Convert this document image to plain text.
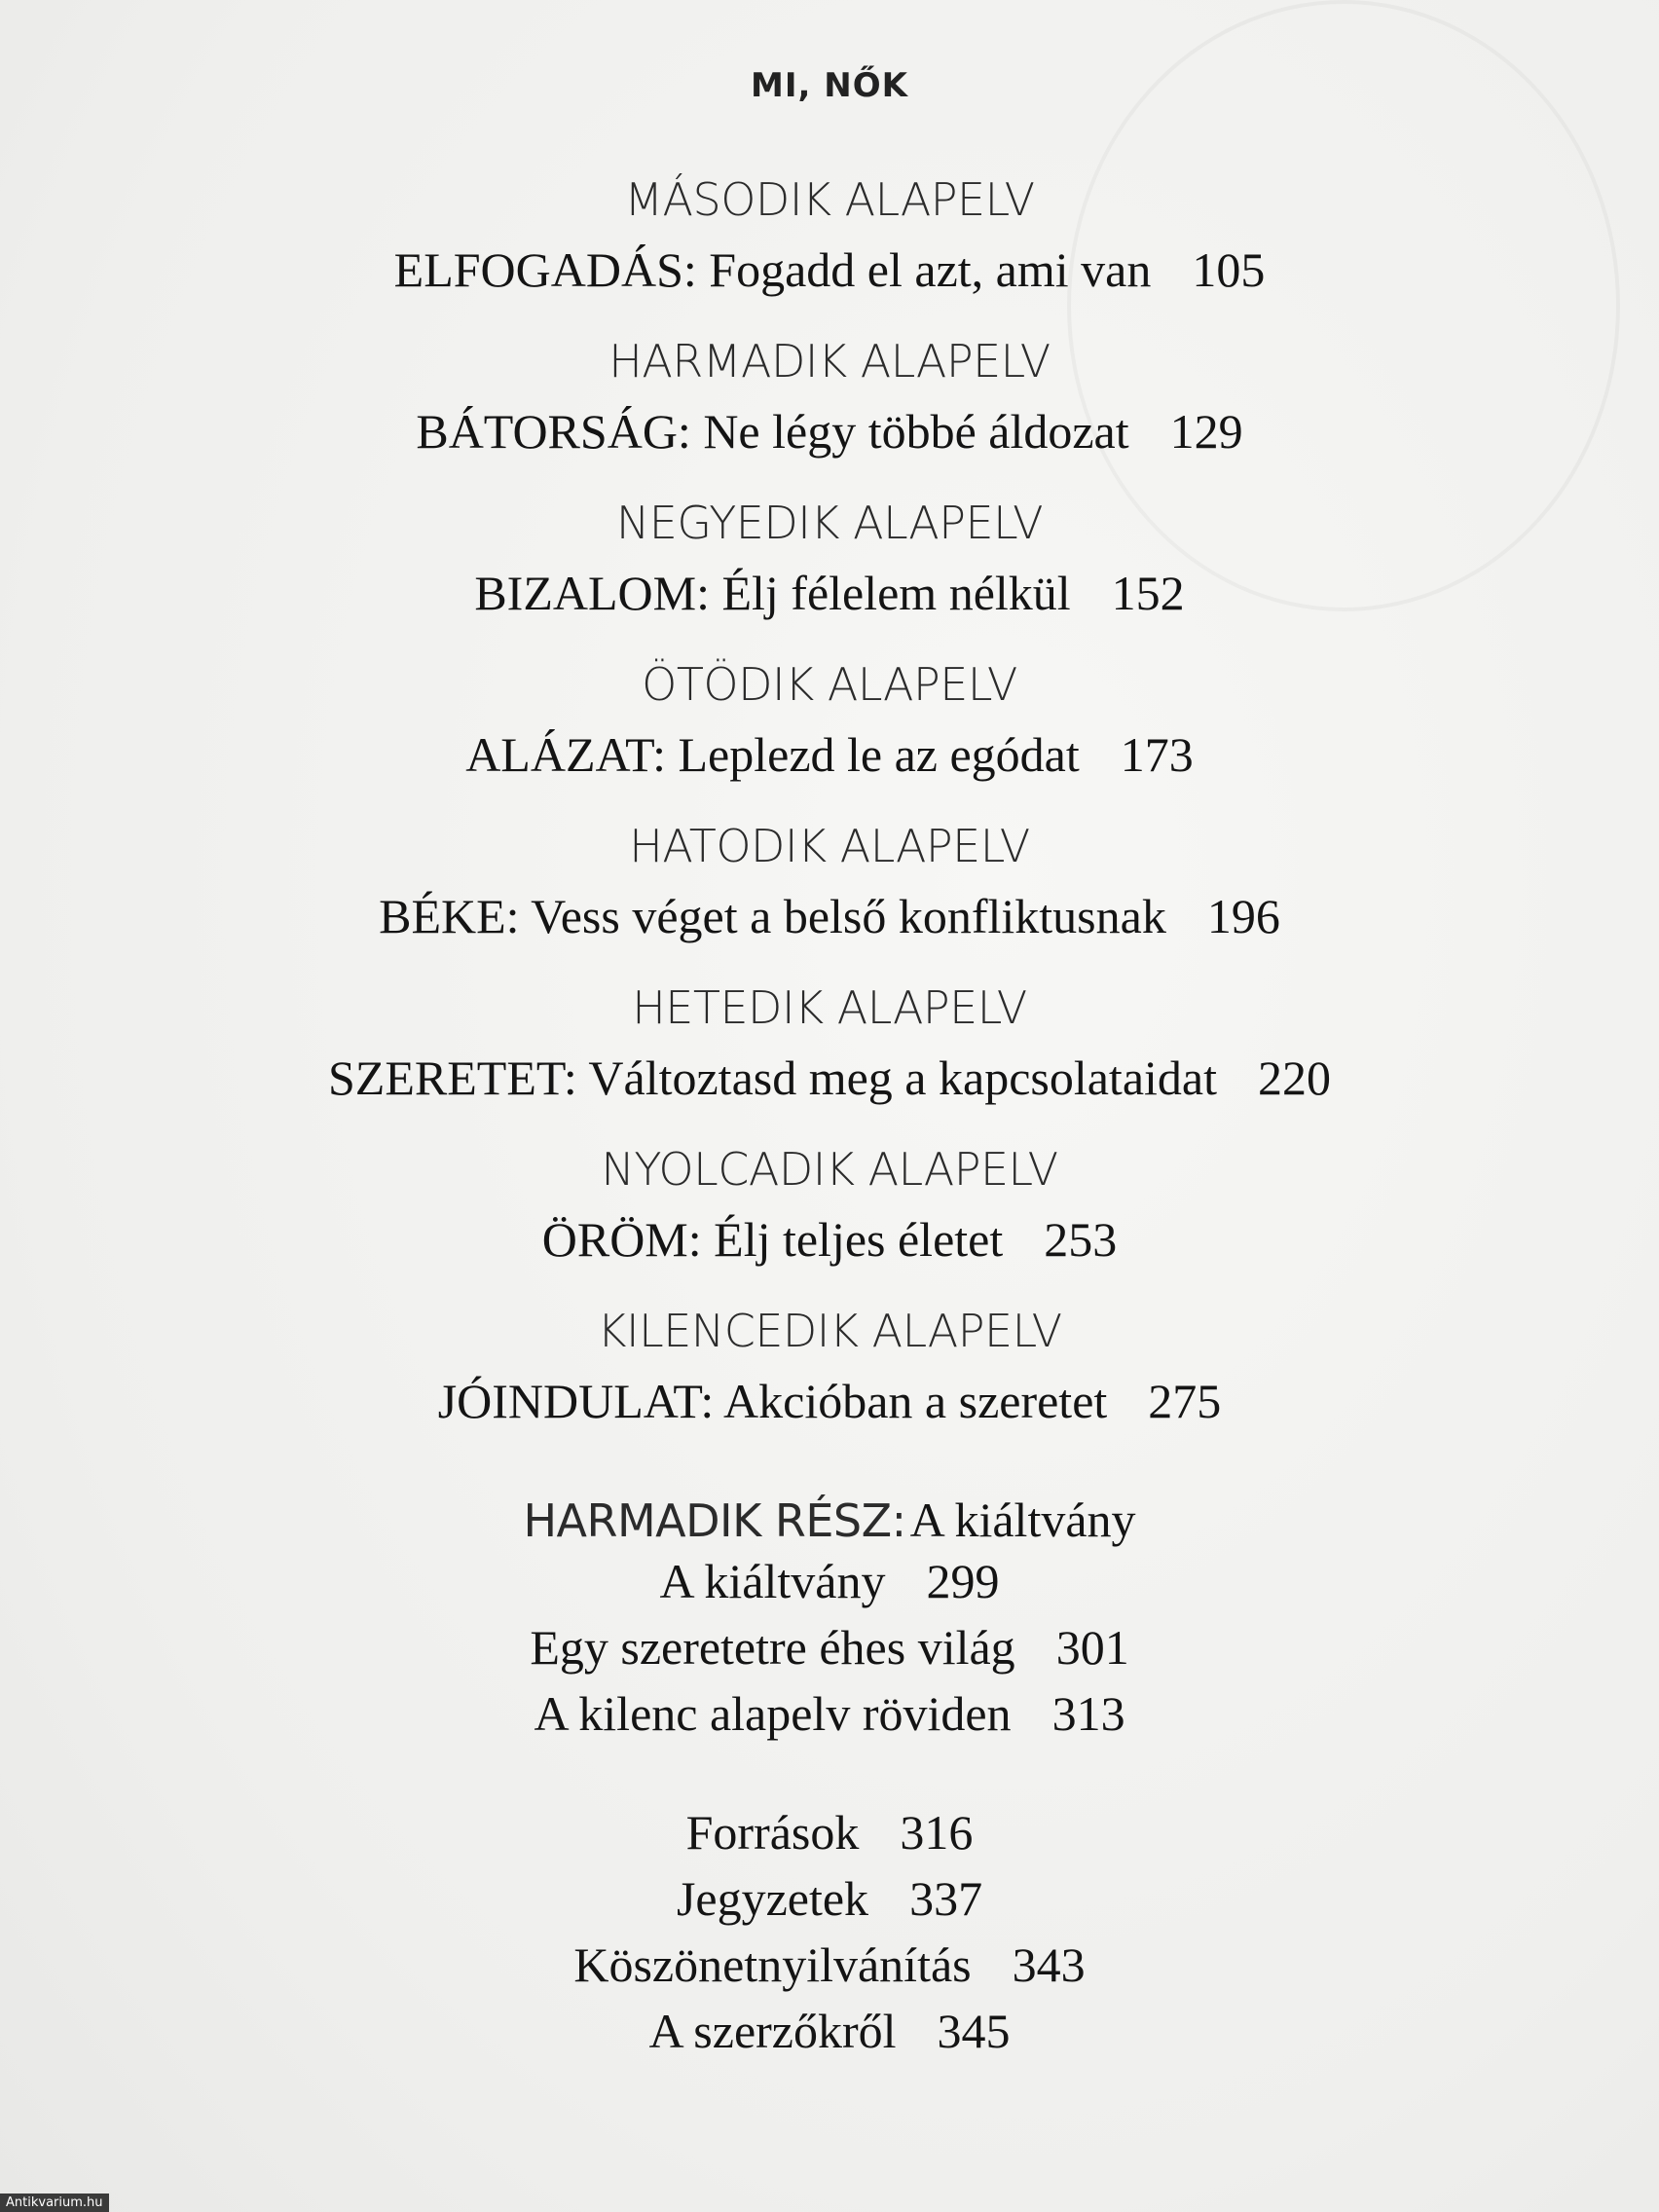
MI, NŐK
MÁSODIK ALAPELV
ELFOGADÁS: Fogadd el azt, ami van 105
HARMADIK ALAPELV
BÁTORSÁG: Ne légy többé áldozat 129
NEGYEDIK ALAPELV
BIZALOM: Élj félelem nélkül 152
ÖTÖDIK ALAPELV
ALÁZAT: Leplezd le az egódat 173
HATODIK ALAPELV
BÉKE: Vess véget a belső konfliktusnak 196
HETEDIK ALAPELV
SZERETET: Változtasd meg a kapcsolataidat 220
NYOLCADIK ALAPELV
ÖRÖM: Élj teljes életet 253
KILENCEDIK ALAPELV
JÓINDULAT: Akcióban a szeretet 275
HARMADIK RÉSZ: A kiáltvány
A kiáltvány 299
Egy szeretetre éhes világ 301
A kilenc alapelv röviden 313
Források 316
Jegyzetek 337
Köszönetnyilvánítás 343
A szerzőkről 345
Antikvarium.hu
